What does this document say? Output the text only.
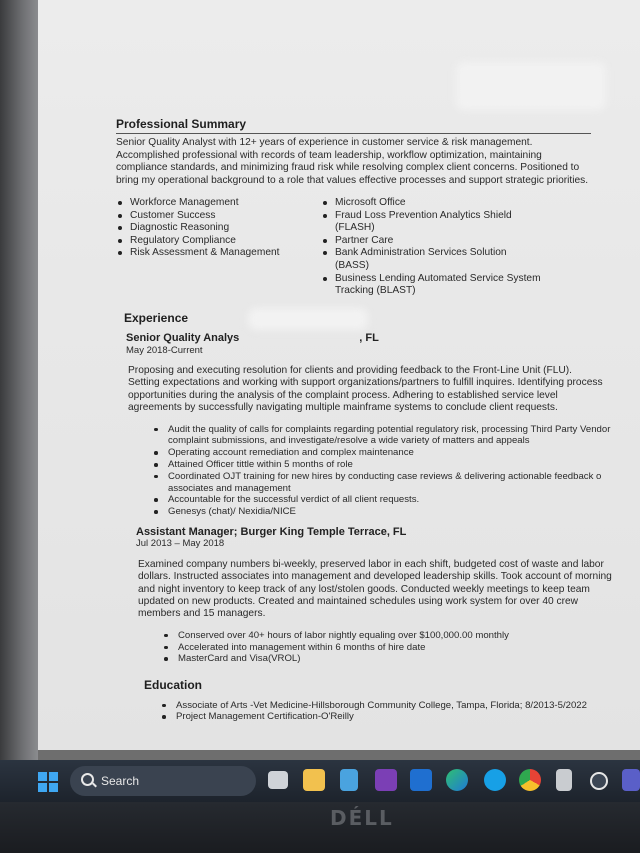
Professional Summary

Senior Quality Analyst with 12+ years of experience in customer service & risk management. Accomplished professional with records of team leadership, workflow optimization, maintaining compliance standards, and minimizing fraud risk while resolving complex client concerns. Positioned to bring my operational background to a role that values effective processes and support strategic priorities.

Workforce Management
Customer Success
Diagnostic Reasoning
Regulatory Compliance
Risk Assessment & Management
Microsoft Office
Fraud Loss Prevention Analytics Shield (FLASH)
Partner Care
Bank Administration Services Solution (BASS)
Business Lending Automated Service System Tracking (BLAST)
Experience
Senior Quality Analys	, FL
May 2018-Current

Proposing and executing resolution for clients and providing feedback to the Front-Line Unit (FLU). Setting expectations and working with support organizations/partners to fulfill inquires. Identifying process opportunities during the analysis of the complaint process. Adhering to established service level agreements by successfully navigating multiple mainframe systems to conclude client requests.

Audit the quality of calls for complaints regarding potential regulatory risk, processing Third Party Vendor complaint submissions, and investigate/resolve a wide variety of matters and appeals
Operating account remediation and complex maintenance
Attained Officer tittle within 5 months of role
Coordinated OJT training for new hires by conducting case reviews & delivering actionable feedback o associates and management
Accountable for the successful verdict of all client requests.
Genesys (chat)/ Nexidia/NICE
Assistant Manager; Burger King Temple Terrace, FL
Jul 2013 – May 2018

Examined company numbers bi-weekly, preserved labor in each shift, budgeted cost of waste and labor dollars. Instructed associates into management and developed leadership skills. Took account of morning and night inventory to keep track of any lost/stolen goods. Conducted weekly meetings to keep team updated on new products. Created and maintained schedules using work system for over 40 crew members and 15 managers.

Conserved over 40+ hours of labor nightly equaling over $100,000.00 monthly
Accelerated into management within 6 months of hire date
MasterCard and Visa(VROL)
Education
Associate of Arts -Vet Medicine-Hillsborough Community College, Tampa, Florida; 8/2013-5/2022
Project Management Certification-O'Reilly
Search
DÉLL
